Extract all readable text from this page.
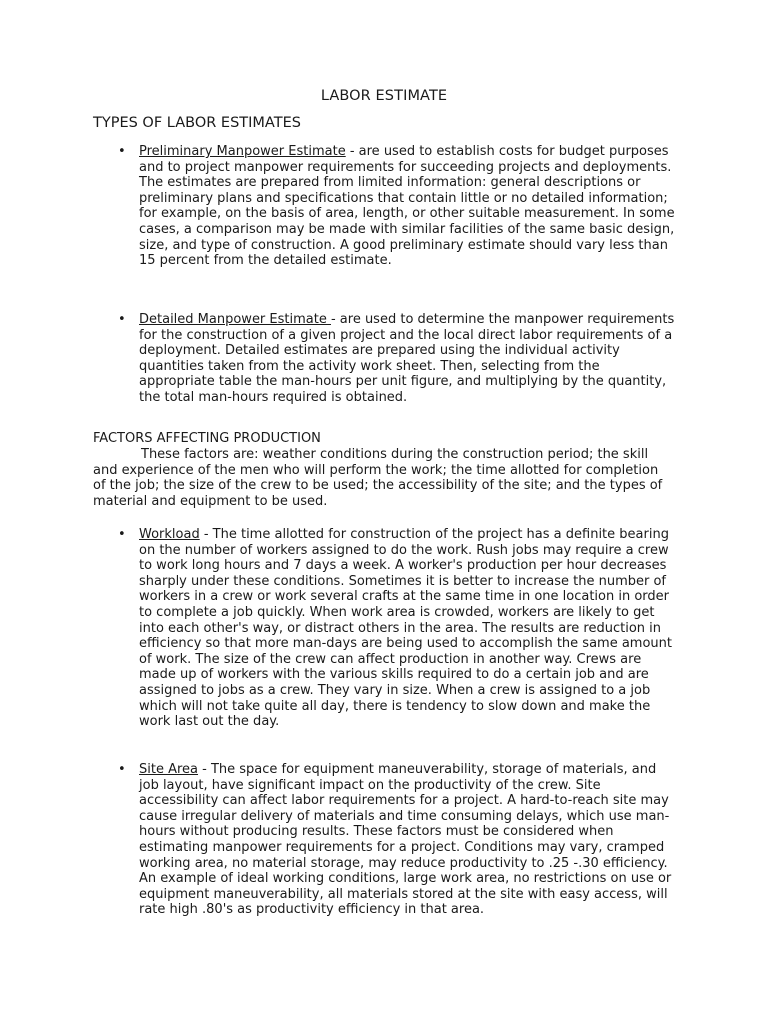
LABOR ESTIMATE
TYPES OF LABOR ESTIMATES
• Preliminary Manpower Estimate - are used to establish costs for budget purposes and to project manpower requirements for succeeding projects and deployments. The estimates are prepared from limited information: general descriptions or preliminary plans and specifications that contain little or no detailed information; for example, on the basis of area, length, or other suitable measurement. In some cases, a comparison may be made with similar facilities of the same basic design, size, and type of construction. A good preliminary estimate should vary less than 15 percent from the detailed estimate.
• Detailed Manpower Estimate - are used to determine the manpower requirements for the construction of a given project and the local direct labor requirements of a deployment. Detailed estimates are prepared using the individual activity quantities taken from the activity work sheet. Then, selecting from the appropriate table the man-hours per unit figure, and multiplying by the quantity, the total man-hours required is obtained.
FACTORS AFFECTING PRODUCTION

These factors are: weather conditions during the construction period; the skill and experience of the men who will perform the work; the time allotted for completion of the job; the size of the crew to be used; the accessibility of the site; and the types of material and equipment to be used.

• Workload - The time allotted for construction of the project has a definite bearing on the number of workers assigned to do the work. Rush jobs may require a crew to work long hours and 7 days a week. A worker's production per hour decreases sharply under these conditions. Sometimes it is better to increase the number of workers in a crew or work several crafts at the same time in one location in order to complete a job quickly. When work area is crowded, workers are likely to get into each other's way, or distract others in the area. The results are reduction in efficiency so that more man-days are being used to accomplish the same amount of work. The size of the crew can affect production in another way. Crews are made up of workers with the various skills required to do a certain job and are assigned to jobs as a crew. They vary in size. When a crew is assigned to a job which will not take quite all day, there is tendency to slow down and make the work last out the day.
• Site Area - The space for equipment maneuverability, storage of materials, and job layout, have significant impact on the productivity of the crew. Site accessibility can affect labor requirements for a project. A hard-to-reach site may cause irregular delivery of materials and time consuming delays, which use man-hours without producing results. These factors must be considered when estimating manpower requirements for a project. Conditions may vary, cramped working area, no material storage, may reduce productivity to .25 -.30 efficiency. An example of ideal working conditions, large work area, no restrictions on use or equipment maneuverability, all materials stored at the site with easy access, will rate high .80's as productivity efficiency in that area.
